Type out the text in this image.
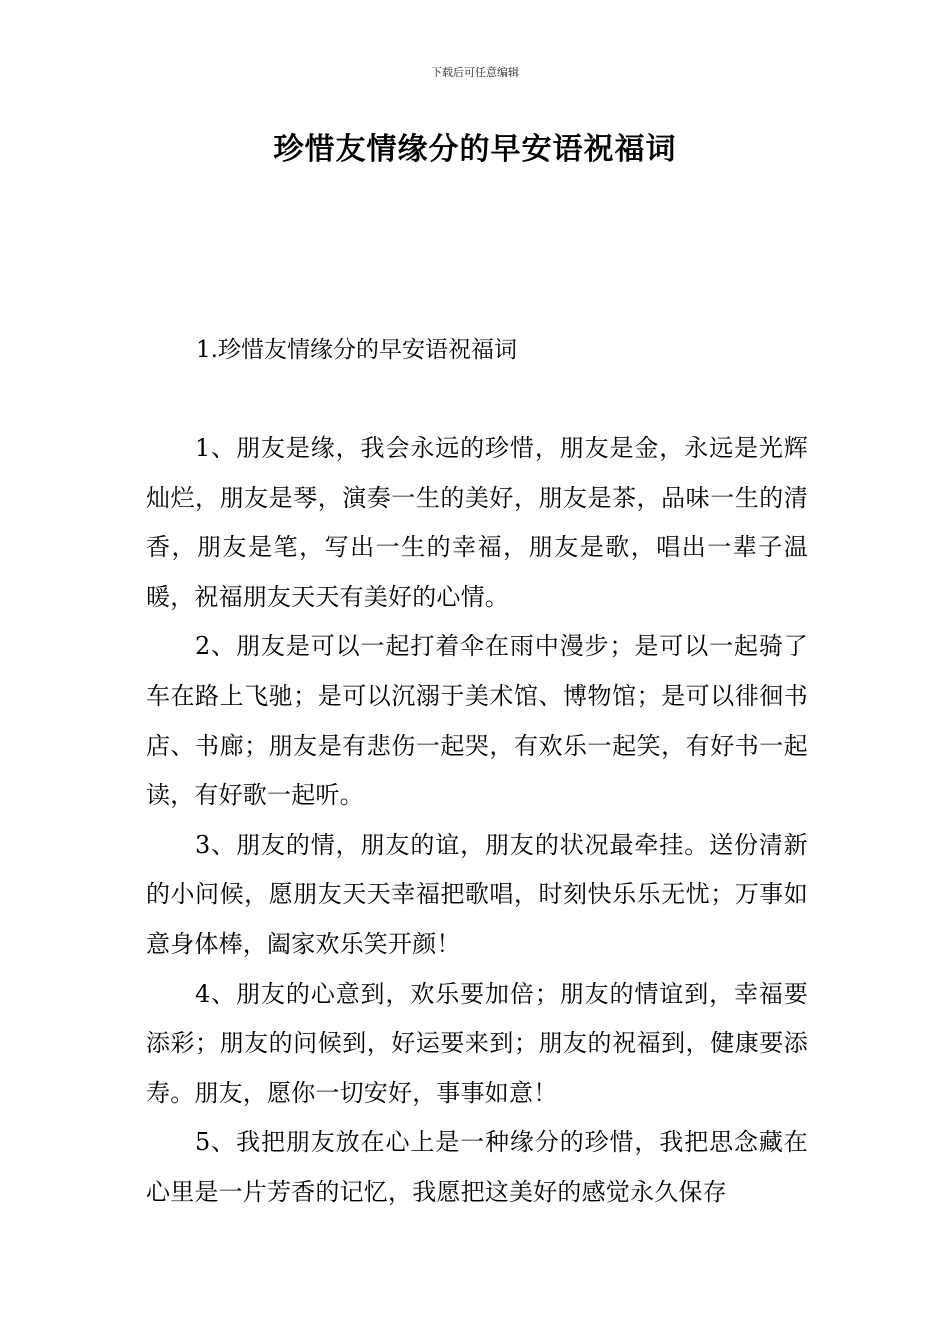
下载后可任意编辑
珍惜友情缘分的早安语祝福词
1.珍惜友情缘分的早安语祝福词

1、朋友是缘，我会永远的珍惜，朋友是金，永远是光辉灿烂，朋友是琴，演奏一生的美好，朋友是茶，品味一生的清香，朋友是笔，写出一生的幸福，朋友是歌，唱出一辈子温暖，祝福朋友天天有美好的心情。

2、朋友是可以一起打着伞在雨中漫步；是可以一起骑了车在路上飞驰；是可以沉溺于美术馆、博物馆；是可以徘徊书店、书廊；朋友是有悲伤一起哭，有欢乐一起笑，有好书一起读，有好歌一起听。

3、朋友的情，朋友的谊，朋友的状况最牵挂。送份清新的小问候，愿朋友天天幸福把歌唱，时刻快乐乐无忧；万事如意身体棒，阖家欢乐笑开颜！

4、朋友的心意到，欢乐要加倍；朋友的情谊到，幸福要添彩；朋友的问候到，好运要来到；朋友的祝福到，健康要添寿。朋友，愿你一切安好，事事如意！

5、我把朋友放在心上是一种缘分的珍惜，我把思念藏在心里是一片芳香的记忆，我愿把这美好的感觉永久保存
